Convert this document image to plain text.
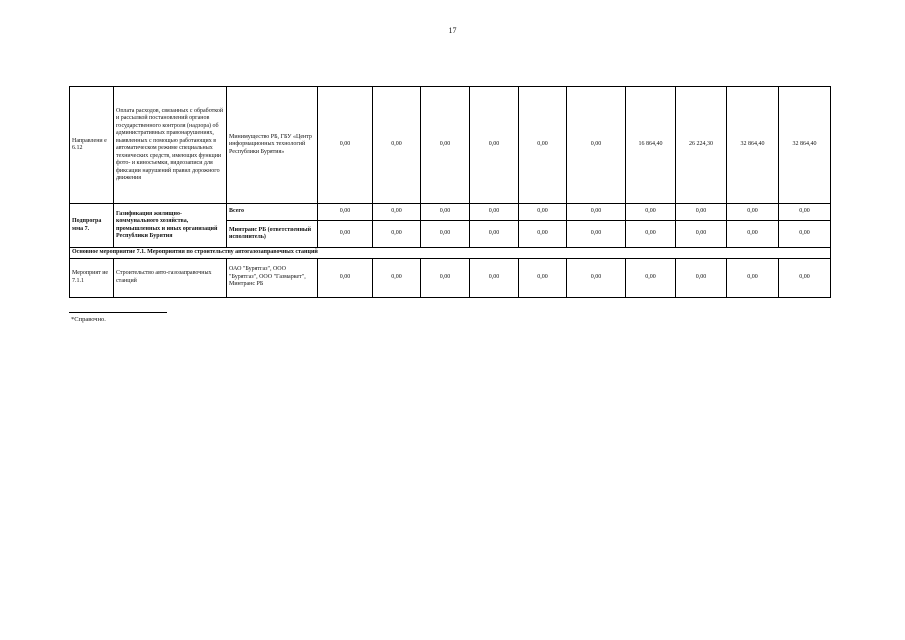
17
Направлени е 6.12	Оплата расходов, связанных с обработкой и рассылкой постановлений органов государственного контроля (надзора) об административных правонарушениях, выявленных с помощью работающих в автоматическом режиме специальных технических средств, имеющих функции фото- и киносъемки, видеозаписи для фиксации нарушений правил дорожного движения	Минимущество РБ, ГБУ «Центр информационных технологий Республики Бурятия»	0,00	0,00	0,00	0,00	0,00	0,00	16 864,40	26 224,30	32 864,40	32 864,40
Подпрогра мма 7.	Газификация жилищно-коммунального хозяйства, промышленных и иных организаций Республики Бурятия	Всего	0,00	0,00	0,00	0,00	0,00	0,00	0,00	0,00	0,00	0,00
		Минтранс РБ (ответственный исполнитель)	0,00	0,00	0,00	0,00	0,00	0,00	0,00	0,00	0,00	0,00
Основное мероприятие 7.1. Мероприятия по строительству автогазозаправочных станций												
Мероприят ие 7.1.1	Строительство авто-газозаправочных станций	ОАО "Бурятгаз", ООО "Бурятгаз", ООО "Газмаркет", Минтранс РБ	0,00	0,00	0,00	0,00	0,00	0,00	0,00	0,00	0,00	0,00
*Справочно.
